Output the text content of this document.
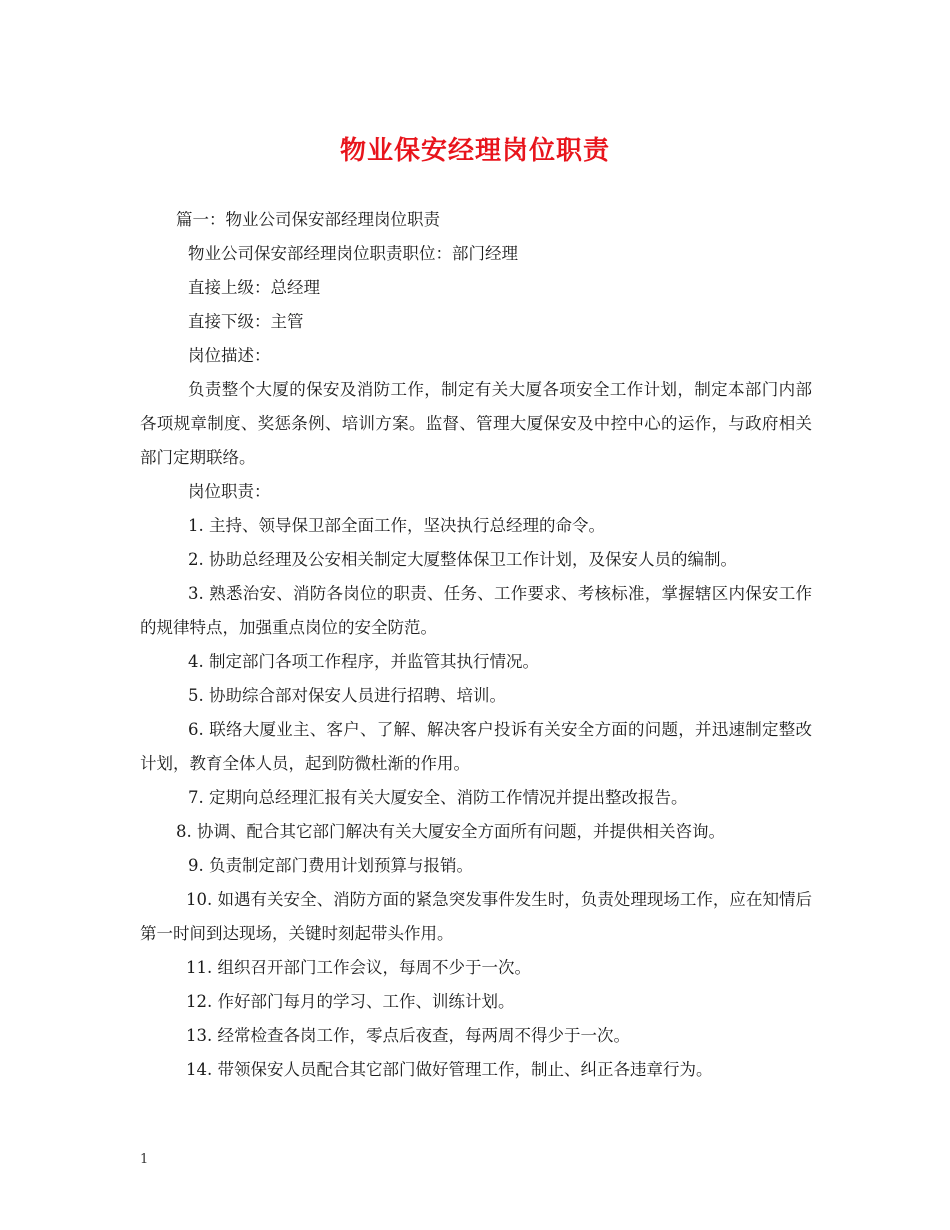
物业保安经理岗位职责

篇一：物业公司保安部经理岗位职责

物业公司保安部经理岗位职责职位：部门经理

直接上级：总经理

直接下级：主管

岗位描述：

负责整个大厦的保安及消防工作，制定有关大厦各项安全工作计划，制定本部门内部各项规章制度、奖惩条例、培训方案。监督、管理大厦保安及中控中心的运作，与政府相关部门定期联络。

岗位职责：

1. 主持、领导保卫部全面工作，坚决执行总经理的命令。

2. 协助总经理及公安相关制定大厦整体保卫工作计划，及保安人员的编制。

3. 熟悉治安、消防各岗位的职责、任务、工作要求、考核标准，掌握辖区内保安工作的规律特点，加强重点岗位的安全防范。

4. 制定部门各项工作程序，并监管其执行情况。

5. 协助综合部对保安人员进行招聘、培训。

6. 联络大厦业主、客户、了解、解决客户投诉有关安全方面的问题，并迅速制定整改计划，教育全体人员，起到防微杜渐的作用。

7. 定期向总经理汇报有关大厦安全、消防工作情况并提出整改报告。

8. 协调、配合其它部门解决有关大厦安全方面所有问题，并提供相关咨询。

9. 负责制定部门费用计划预算与报销。

10. 如遇有关安全、消防方面的紧急突发事件发生时，负责处理现场工作，应在知情后第一时间到达现场，关键时刻起带头作用。

11. 组织召开部门工作会议，每周不少于一次。

12. 作好部门每月的学习、工作、训练计划。

13. 经常检查各岗工作，零点后夜查，每两周不得少于一次。

14. 带领保安人员配合其它部门做好管理工作，制止、纠正各违章行为。

1
